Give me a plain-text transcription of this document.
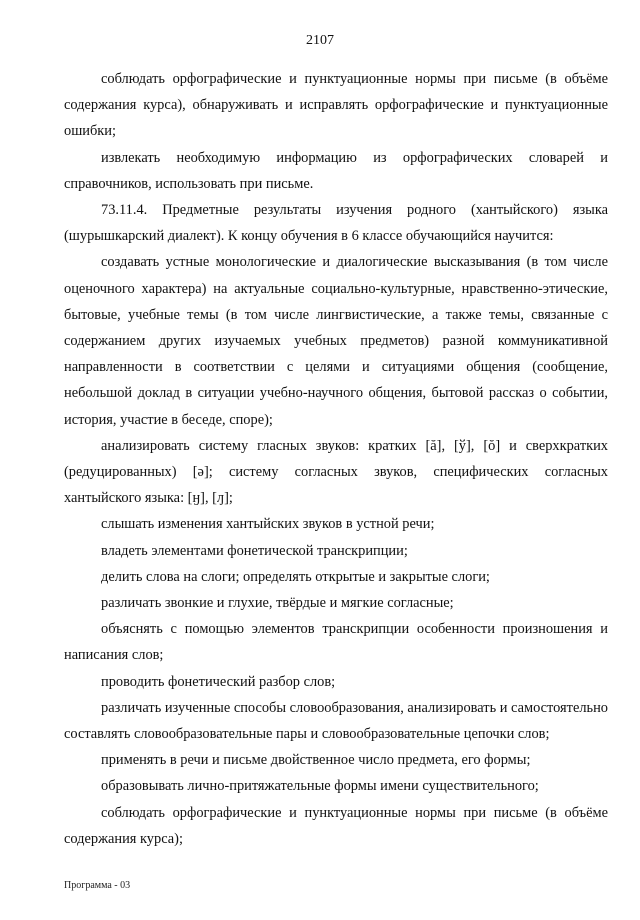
2107

соблюдать орфографические и пунктуационные нормы при письме (в объёме содержания курса), обнаруживать и исправлять орфографические и пунктуационные ошибки;

извлекать необходимую информацию из орфографических словарей и справочников, использовать при письме.

73.11.4. Предметные результаты изучения родного (хантыйского) языка (шурышкарский диалект). К концу обучения в 6 классе обучающийся научится:

создавать устные монологические и диалогические высказывания (в том числе оценочного характера) на актуальные социально-культурные, нравственно-этические, бытовые, учебные темы (в том числе лингвистические, а также темы, связанные с содержанием других изучаемых учебных предметов) разной коммуникативной направленности в соответствии с целями и ситуациями общения (сообщение, небольшой доклад в ситуации учебно-научного общения, бытовой рассказ о событии, история, участие в беседе, споре);

анализировать систему гласных звуков: кратких [ă], [ў], [ŏ] и сверхкратких (редуцированных) [ə]; систему согласных звуков, специфических согласных хантыйского языка: [ӈ], [ԓ];

слышать изменения хантыйских звуков в устной речи;

владеть элементами фонетической транскрипции;

делить слова на слоги; определять открытые и закрытые слоги;

различать звонкие и глухие, твёрдые и мягкие согласные;

объяснять с помощью элементов транскрипции особенности произношения и написания слов;

проводить фонетический разбор слов;

различать изученные способы словообразования, анализировать и самостоятельно составлять словообразовательные пары и словообразовательные цепочки слов;

применять в речи и письме двойственное число предмета, его формы;

образовывать лично-притяжательные формы имени существительного;

соблюдать орфографические и пунктуационные нормы при письме (в объёме содержания курса);

Программа - 03
